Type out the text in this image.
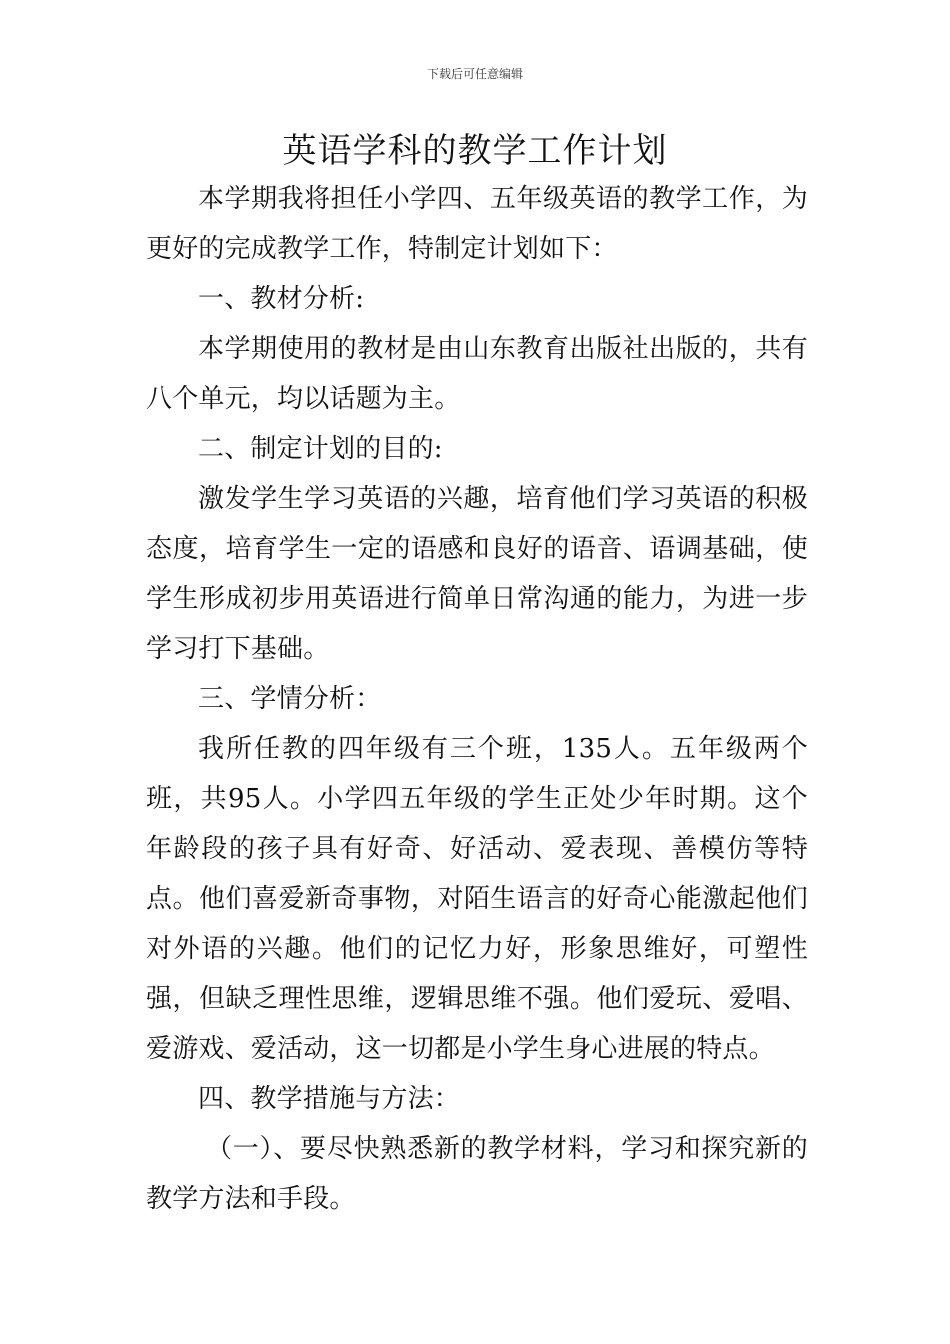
下载后可任意编辑
英语学科的教学工作计划

本学期我将担任小学四、五年级英语的教学工作，为更好的完成教学工作，特制定计划如下：

一、教材分析:

本学期使用的教材是由山东教育出版社出版的，共有八个单元，均以话题为主。

二、制定计划的目的:

激发学生学习英语的兴趣，培育他们学习英语的积极态度，培育学生一定的语感和良好的语音、语调基础，使学生形成初步用英语进行简单日常沟通的能力，为进一步学习打下基础。

三、学情分析：

我所任教的四年级有三个班，135人。五年级两个班，共95人。小学四五年级的学生正处少年时期。这个年龄段的孩子具有好奇、好活动、爱表现、善模仿等特点。他们喜爱新奇事物，对陌生语言的好奇心能激起他们对外语的兴趣。他们的记忆力好，形象思维好，可塑性强，但缺乏理性思维，逻辑思维不强。他们爱玩、爱唱、爱游戏、爱活动，这一切都是小学生身心进展的特点。

四、教学措施与方法：

（一）、要尽快熟悉新的教学材料，学习和探究新的教学方法和手段。
